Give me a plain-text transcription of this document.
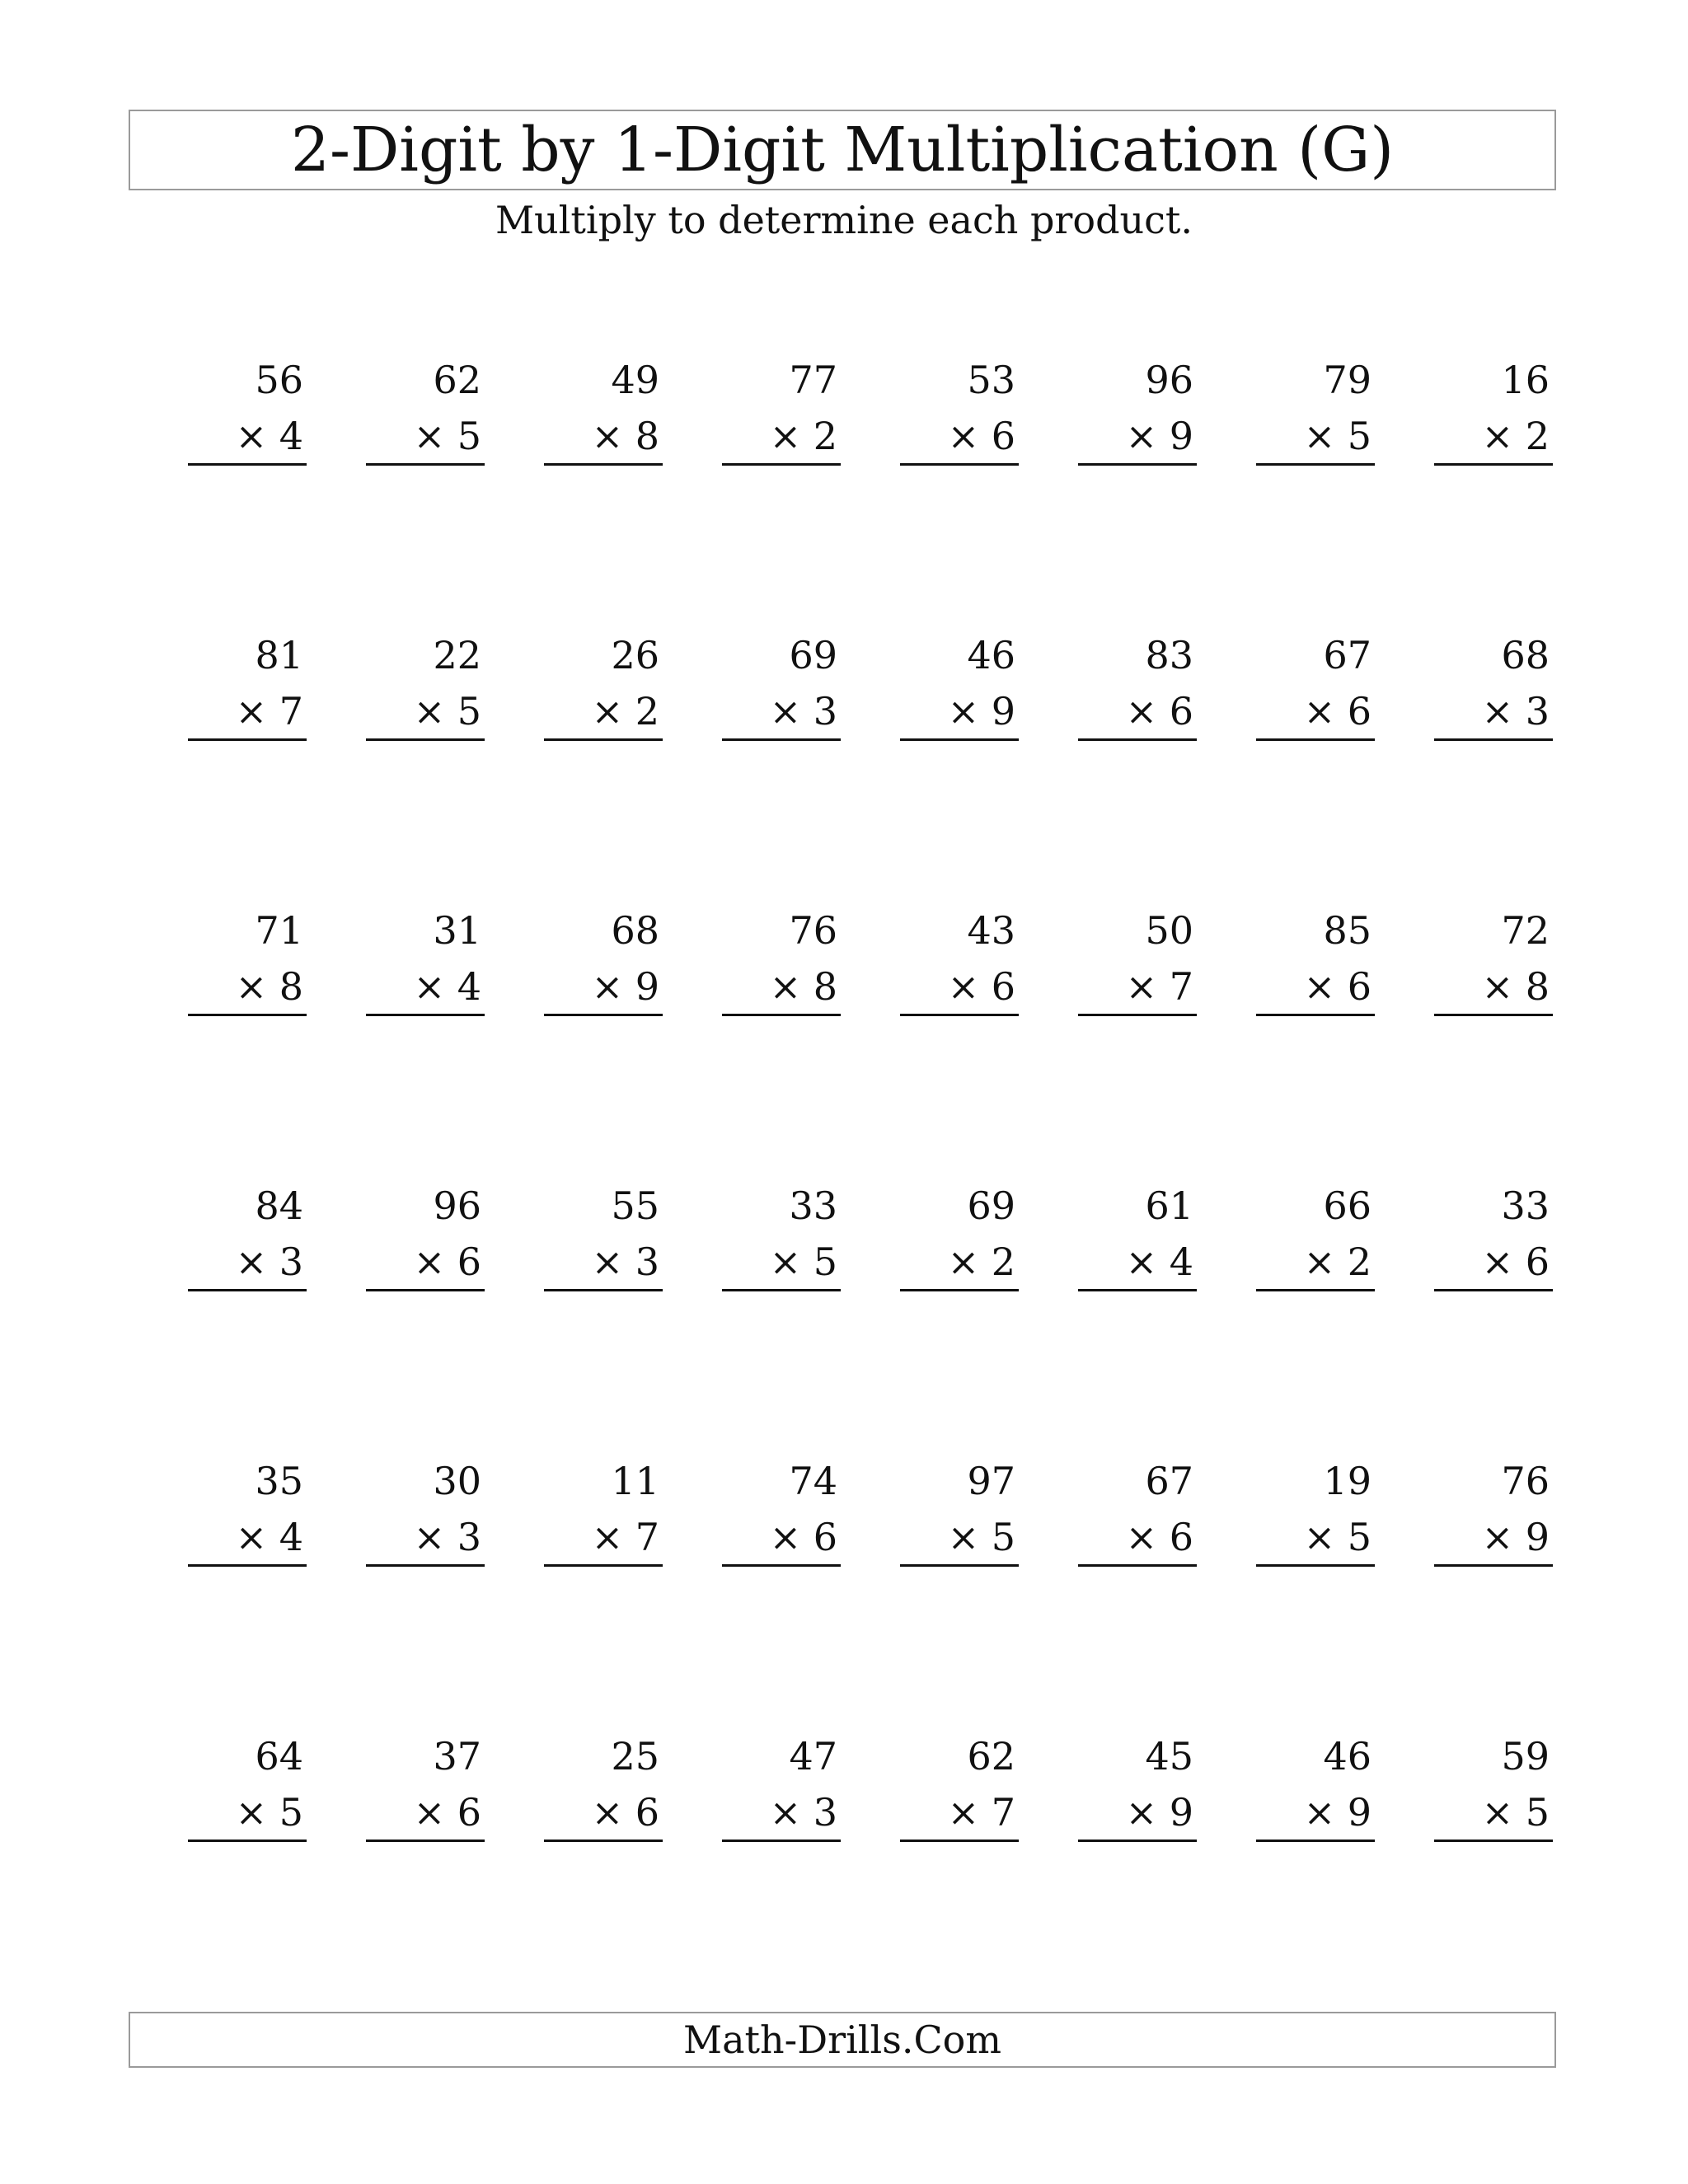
2-Digit by 1-Digit Multiplication (G)
Multiply to determine each product.
56
× 4
62
× 5
49
× 8
77
× 2
53
× 6
96
× 9
79
× 5
16
× 2
81
× 7
22
× 5
26
× 2
69
× 3
46
× 9
83
× 6
67
× 6
68
× 3
71
× 8
31
× 4
68
× 9
76
× 8
43
× 6
50
× 7
85
× 6
72
× 8
84
× 3
96
× 6
55
× 3
33
× 5
69
× 2
61
× 4
66
× 2
33
× 6
35
× 4
30
× 3
11
× 7
74
× 6
97
× 5
67
× 6
19
× 5
76
× 9
64
× 5
37
× 6
25
× 6
47
× 3
62
× 7
45
× 9
46
× 9
59
× 5
Math-Drills.Com
